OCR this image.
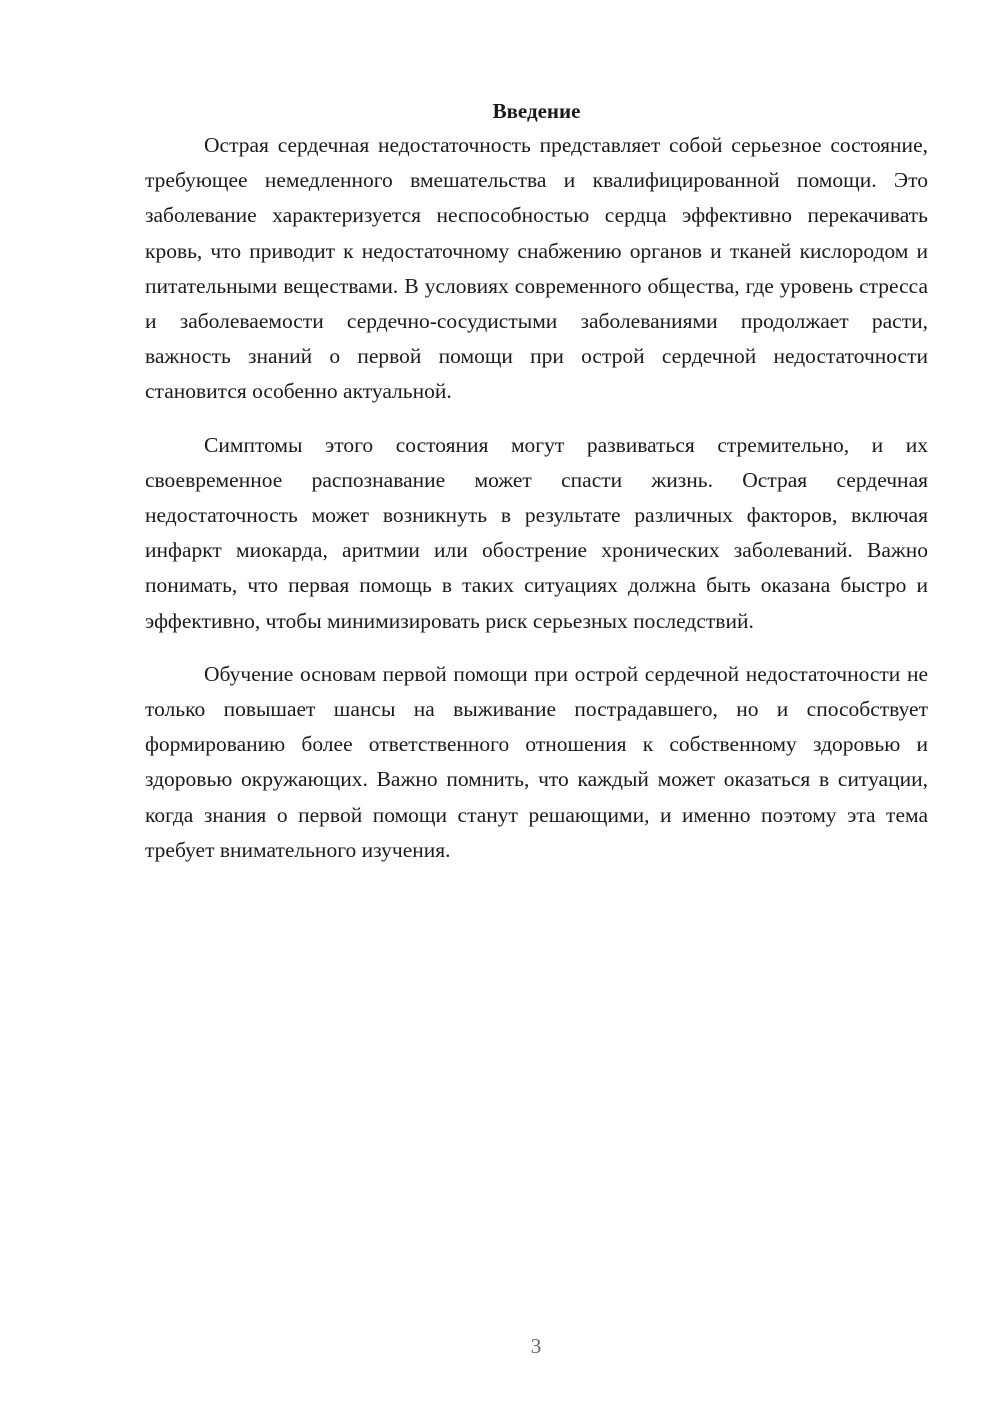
Введение

Острая сердечная недостаточность представляет собой серьезное состояние, требующее немедленного вмешательства и квалифицированной помощи. Это заболевание характеризуется неспособностью сердца эффективно перекачивать кровь, что приводит к недостаточному снабжению органов и тканей кислородом и питательными веществами. В условиях современного общества, где уровень стресса и заболеваемости сердечно-сосудистыми заболеваниями продолжает расти, важность знаний о первой помощи при острой сердечной недостаточности становится особенно актуальной.

Симптомы этого состояния могут развиваться стремительно, и их своевременное распознавание может спасти жизнь. Острая сердечная недостаточность может возникнуть в результате различных факторов, включая инфаркт миокарда, аритмии или обострение хронических заболеваний. Важно понимать, что первая помощь в таких ситуациях должна быть оказана быстро и эффективно, чтобы минимизировать риск серьезных последствий.

Обучение основам первой помощи при острой сердечной недостаточности не только повышает шансы на выживание пострадавшего, но и способствует формированию более ответственного отношения к собственному здоровью и здоровью окружающих. Важно помнить, что каждый может оказаться в ситуации, когда знания о первой помощи станут решающими, и именно поэтому эта тема требует внимательного изучения.

3
